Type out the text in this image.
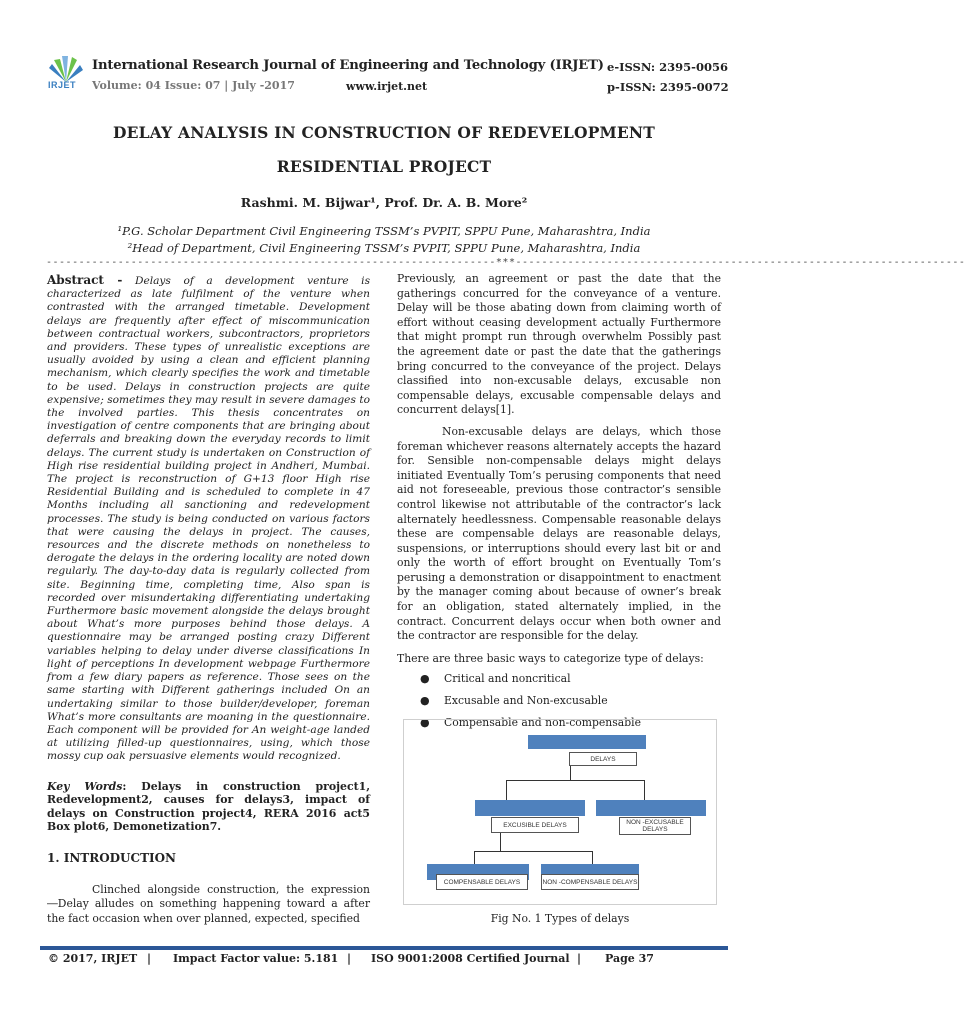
IRJET
International Research Journal of Engineering and Technology (IRJET) e-ISSN: 2395-0056
Volume: 04 Issue: 07 | July -2017	www.irjet.net	p-ISSN: 2395-0072
DELAY ANALYSIS IN CONSTRUCTION OF REDEVELOPMENT
RESIDENTIAL PROJECT
Rashmi. M. Bijwar¹, Prof. Dr. A. B. More²
¹P.G. Scholar Department Civil Engineering TSSM’s PVPIT, SPPU Pune, Maharashtra, India
²Head of Department, Civil Engineering TSSM’s PVPIT, SPPU Pune, Maharashtra, India
---------------------------------------------------------------------***---------------------------------------------------------------------

Abstract - Delays of a development venture is characterized as late fulfilment of the venture when contrasted with the arranged timetable. Development delays are frequently after effect of miscommunication between contractual workers, subcontractors, proprietors and providers. These types of unrealistic exceptions are usually avoided by using a clean and efficient planning mechanism, which clearly specifies the work and timetable to be used. Delays in construction projects are quite expensive; sometimes they may result in severe damages to the involved parties. This thesis concentrates on investigation of centre components that are bringing about deferrals and breaking down the everyday records to limit delays. The current study is undertaken on Construction of High rise residential building project in Andheri, Mumbai. The project is reconstruction of G+13 floor High rise Residential Building and is scheduled to complete in 47 Months including all sanctioning and redevelopment processes. The study is being conducted on various factors that were causing the delays in project. The causes, resources and the discrete methods on nonetheless to derogate the delays in the ordering locality are noted down regularly. The day-to-day data is regularly collected from site. Beginning time, completing time, Also span is recorded over misundertaking differentiating undertaking Furthermore basic movement alongside the delays brought about What’s more purposes behind those delays. A questionnaire may be arranged posting crazy Different variables helping to delay under diverse classifications In light of perceptions In development webpage Furthermore from a few diary papers as reference. Those sees on the same starting with Different gatherings included On an undertaking similar to those builder/developer, foreman What’s more consultants are moaning in the questionnaire. Each component will be provided for An weight-age landed at utilizing filled-up questionnaires, using, which those mossy cup oak persuasive elements would recognized.

Key Words: Delays in construction project1, Redevelopment2, causes for delays3, impact of delays on Construction project4, RERA 2016 act5 Box plot6, Demonetization7.

1. INTRODUCTION

Clinched alongside construction, the expression ―Delay alludes on something happening toward a after the fact occasion when over planned, expected, specified

Previously, an agreement or past the date that the gatherings concurred for the conveyance of a venture. Delay will be those abating down from claiming worth of effort without ceasing development actually Furthermore that might prompt run through overwhelm Possibly past the agreement date or past the date that the gatherings bring concurred to the conveyance of the project. Delays classified into non-excusable delays, excusable non compensable delays, excusable compensable delays and concurrent delays[1].

Non-excusable delays are delays, which those foreman whichever reasons alternately accepts the hazard for. Sensible non-compensable delays might delays initiated Eventually Tom’s perusing components that need aid not foreseeable, previous those contractor’s sensible control likewise not attributable of the contractor’s lack alternately heedlessness. Compensable reasonable delays these are compensable delays are reasonable delays, suspensions, or interruptions should every last bit or and only the worth of effort brought on Eventually Tom’s perusing a demonstration or disappointment to enactment by the manager coming about because of owner’s break for an obligation, stated alternately implied, in the contract. Concurrent delays occur when both owner and the contractor are responsible for the delay.

There are three basic ways to categorize type of delays:

● Critical and noncritical
● Excusable and Non-excusable
● Compensable and non-compensable
DELAYS
EXCUSIBLE DELAYS	NON -EXCUSABLE DELAYS
COMPENSABLE DELAYS	NON -COMPENSABLE DELAYS
Fig No. 1 Types of delays
© 2017, IRJET | Impact Factor value: 5.181 | ISO 9001:2008 Certified Journal | Page 37
